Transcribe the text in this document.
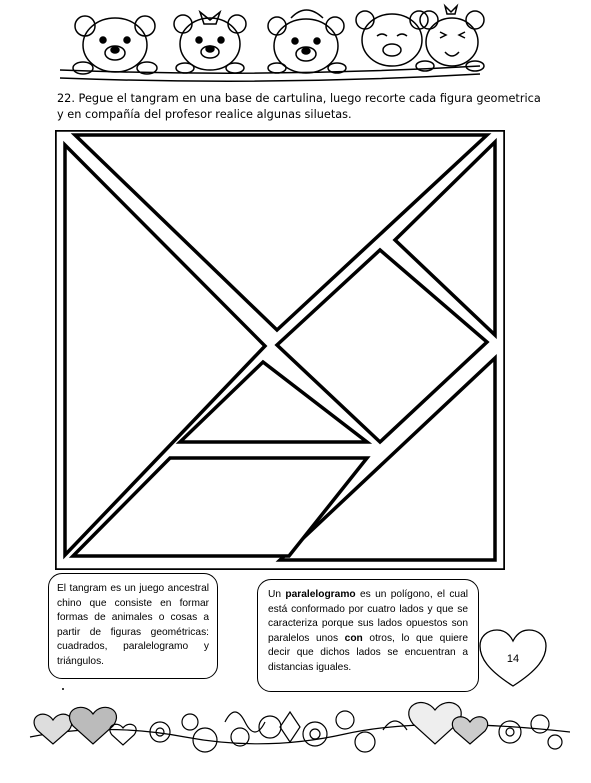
22. Pegue el tangram en una base de cartulina, luego recorte cada figura geometrica y en compañía del profesor realice algunas siluetas.
El tangram es un juego ancestral chino que consiste en formar formas de animales o cosas a partir de figuras geométricas: cuadrados, paralelogramo y triángulos.
Un paralelogramo es un polígono, el cual está conformado por cuatro lados y que se caracteriza porque sus lados opuestos son paralelos unos con otros, lo que quiere decir que dichos lados se encuentran a distancias iguales.
14
